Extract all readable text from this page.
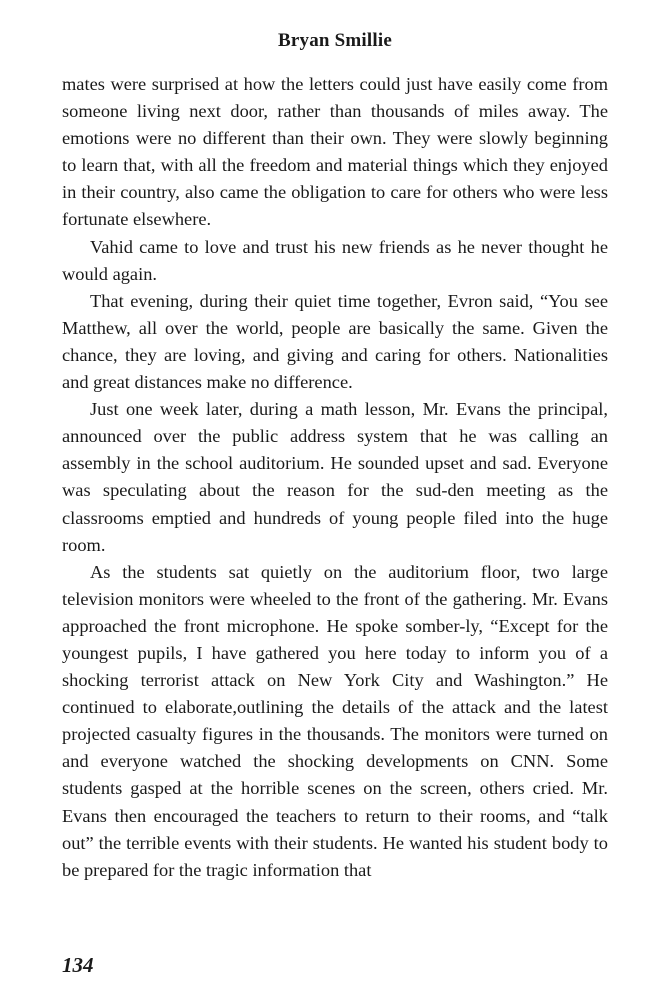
Bryan Smillie

mates were surprised at how the letters could just have easily come from someone living next door, rather than thousands of miles away. The emotions were no different than their own. They were slowly beginning to learn that, with all the freedom and material things which they enjoyed in their country, also came the obligation to care for others who were less fortunate elsewhere.

Vahid came to love and trust his new friends as he never thought he would again.

That evening, during their quiet time together, Evron said, “You see Matthew, all over the world, people are basically the same. Given the chance, they are loving, and giving and caring for others. Nationalities and great distances make no difference.

Just one week later, during a math lesson, Mr. Evans the principal, announced over the public address system that he was calling an assembly in the school auditorium. He sounded upset and sad. Everyone was speculating about the reason for the sud-den meeting as the classrooms emptied and hundreds of young people filed into the huge room.

As the students sat quietly on the auditorium floor, two large television monitors were wheeled to the front of the gathering. Mr. Evans approached the front microphone. He spoke somber-ly, “Except for the youngest pupils, I have gathered you here today to inform you of a shocking terrorist attack on New York City and Washington.” He continued to elaborate,outlining the details of the attack and the latest projected casualty figures in the thousands. The monitors were turned on and everyone watched the shocking developments on CNN. Some students gasped at the horrible scenes on the screen, others cried. Mr. Evans then encouraged the teachers to return to their rooms, and “talk out” the terrible events with their students. He wanted his student body to be prepared for the tragic information that

134
